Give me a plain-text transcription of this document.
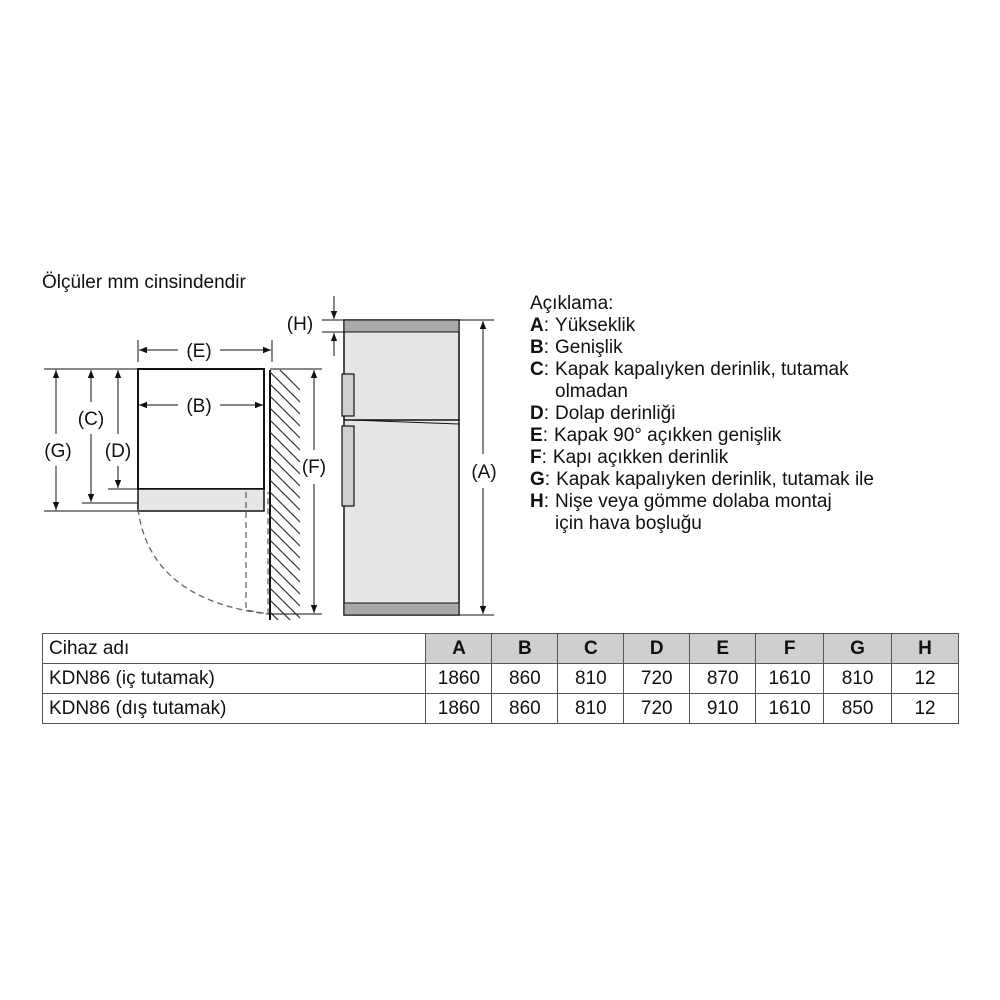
Ölçüler mm cinsindendir
(E)
(B)
(G)
(C)
(D)
(F)
(H)
(A)
Açıklama:
A : Yükseklik
B : Genişlik
C : Kapak kapalıyken derinlik, tutamak
olmadan
D : Dolap derinliği
E : Kapak 90° açıkken genişlik
F : Kapı açıkken derinlik
G : Kapak kapalıyken derinlik, tutamak ile
H : Nişe veya gömme dolaba montaj
için hava boşluğu
Cihaz adı	A	B	C	D	E	F	G	H
KDN86 (iç tutamak)	1860	860	810	720	870	1610	810	12
KDN86 (dış tutamak)	1860	860	810	720	910	1610	850	12
